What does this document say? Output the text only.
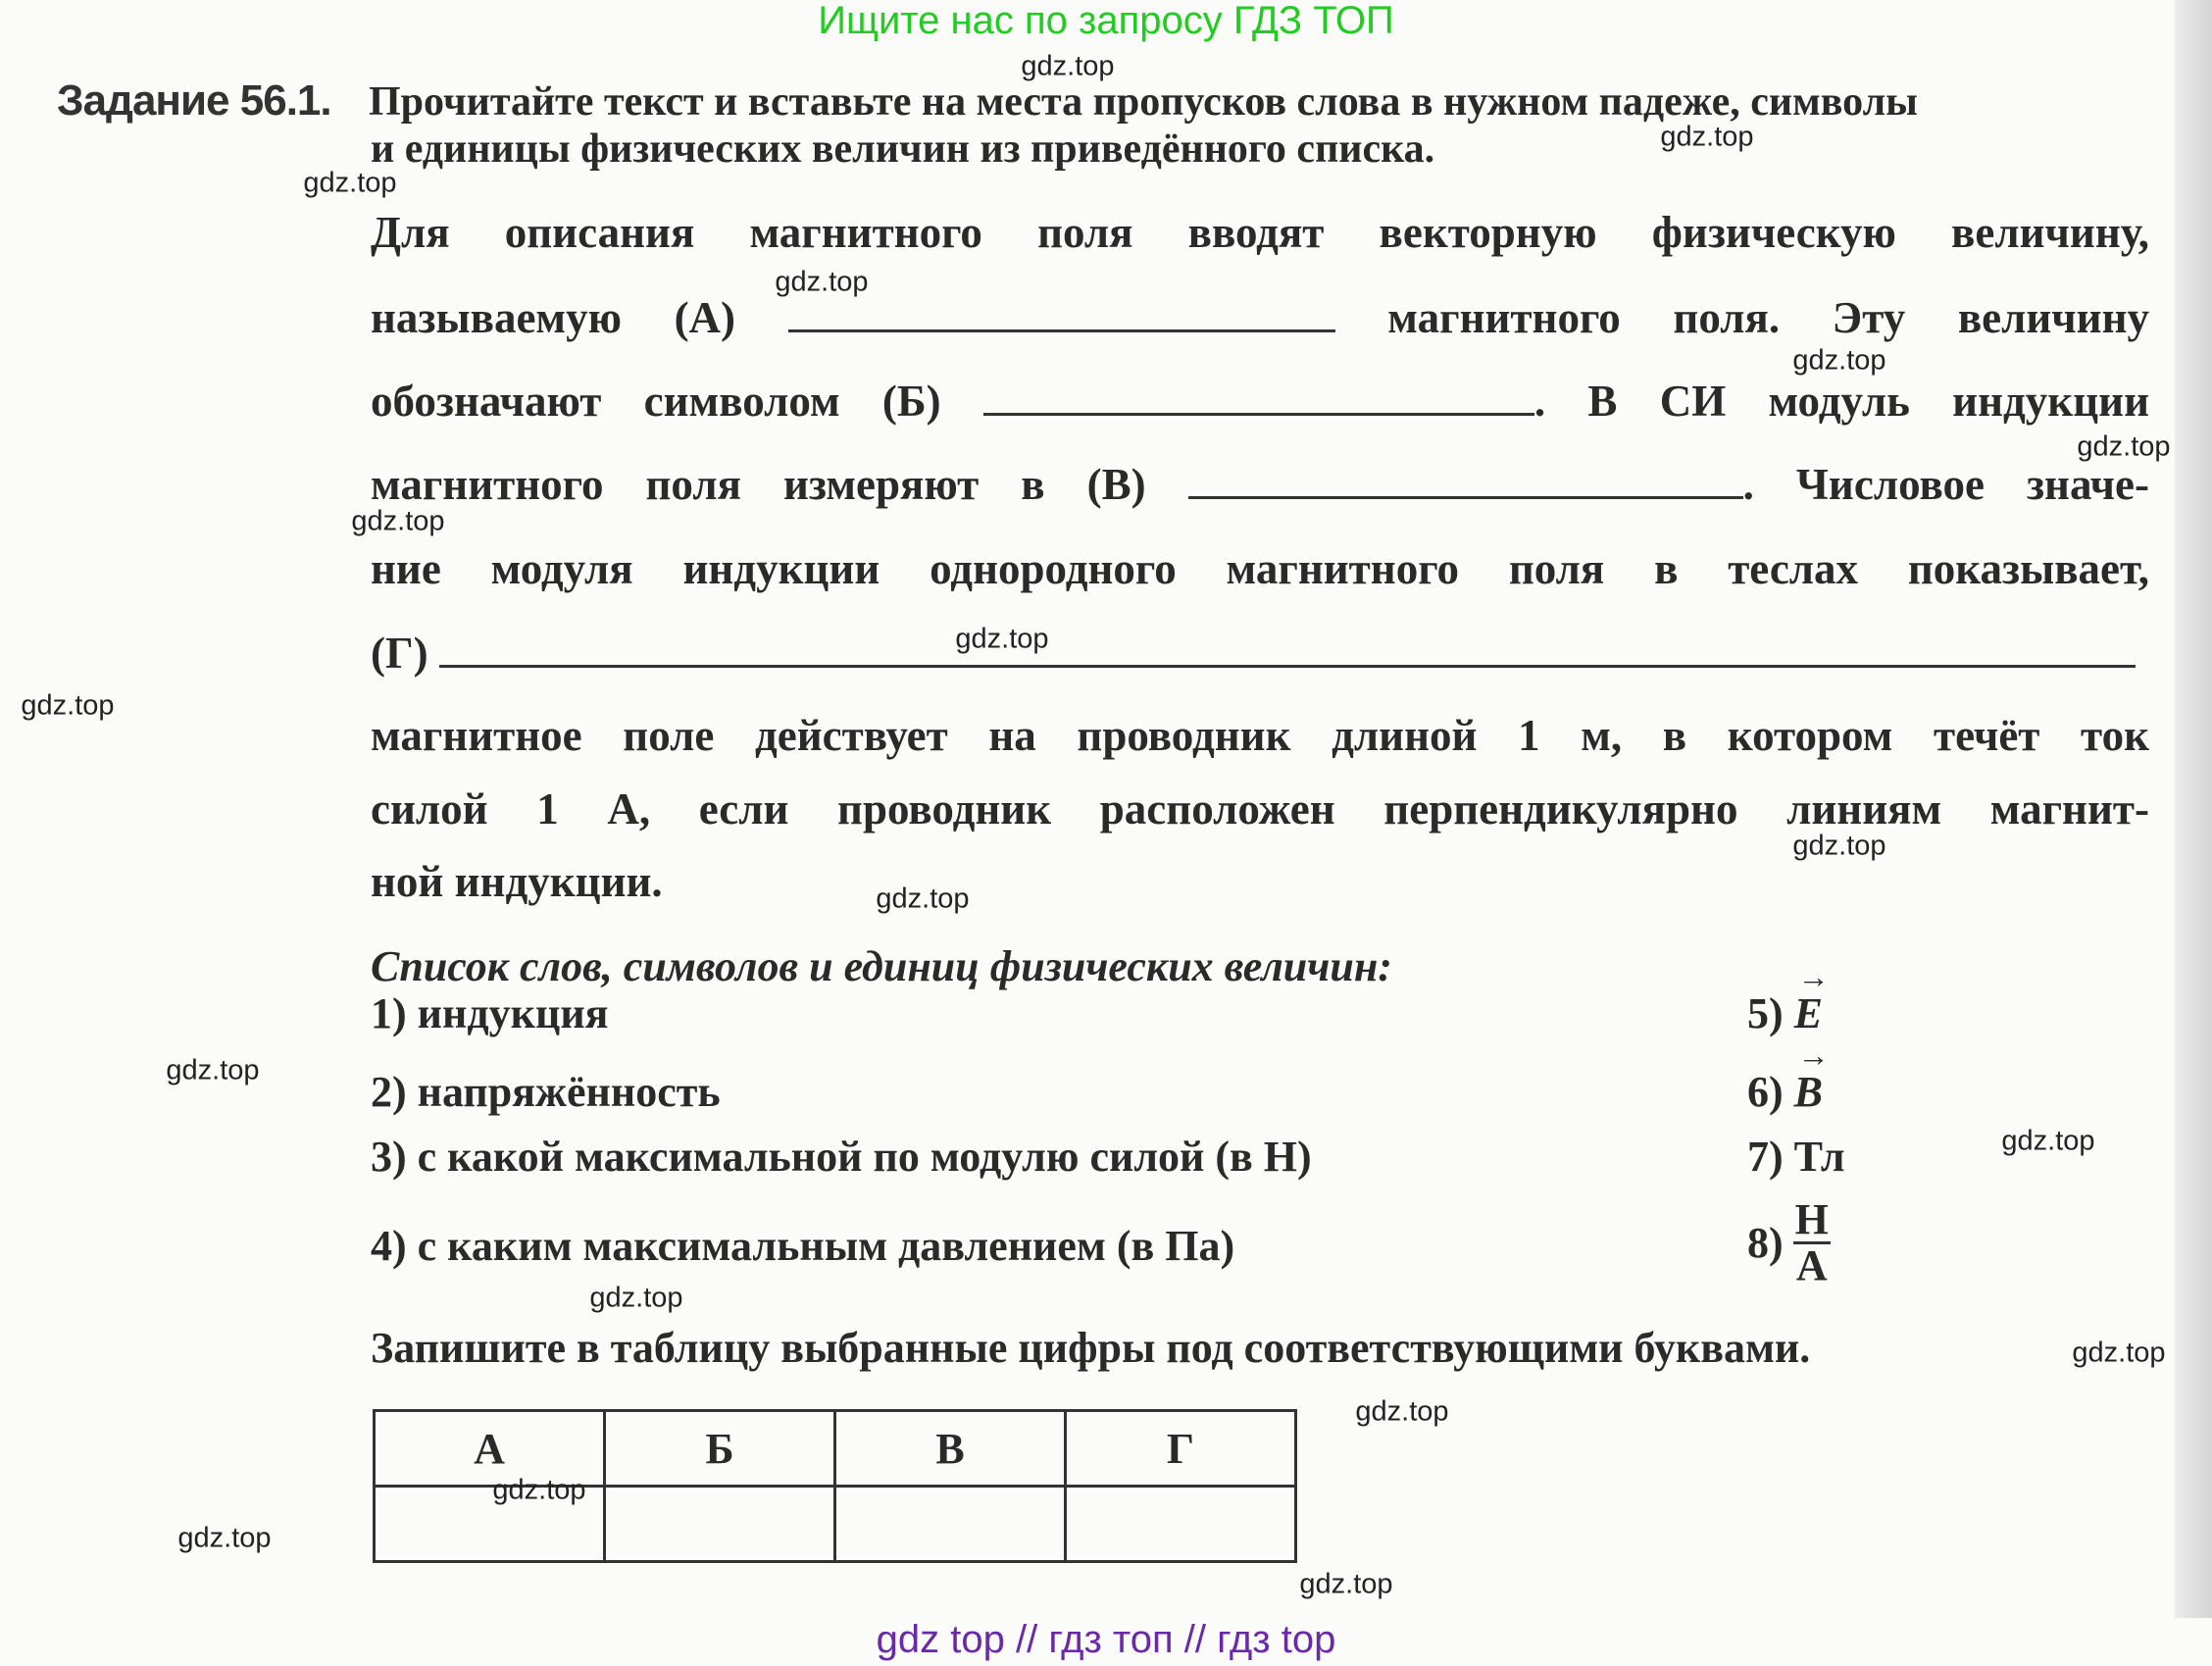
Ищите нас по запросу ГДЗ ТОП
Задание 56.1. Прочитайте текст и вставьте на места пропусков слова в нужном падеже, символы
и единицы физических величин из приведённого списка.
Для описания магнитного поля вводят векторную физическую величину,
называемую (А)	магнитного поля. Эту величину
обозначают символом (Б)	. В СИ модуль индукции
магнитного поля измеряют в (В)	. Числовое значе-
ние модуля индукции однородного магнитного поля в теслах показывает,
(Г)
магнитное поле действует на проводник длиной 1 м, в котором течёт ток
силой 1 А, если проводник расположен перпендикулярно линиям магнит-
ной индукции.
Список слов, символов и единиц физических величин:
1) индукция
2) напряжённость
3) с какой максимальной по модулю силой (в Н)
4) с каким максимальным давлением (в Па)
5)
→
E
6)
→
B
7) Тл
$8) \frac{Н}{А}$
Запишите в таблицу выбранные цифры под соответствующими буквами.
А	Б	В	Г

gdz top // гдз топ // гдз top
gdz.top
gdz.top
gdz.top
gdz.top
gdz.top
gdz.top
gdz.top
gdz.top
gdz.top
gdz.top
gdz.top
gdz.top
gdz.top
gdz.top
gdz.top
gdz.top
gdz.top
gdz.top
gdz.top
